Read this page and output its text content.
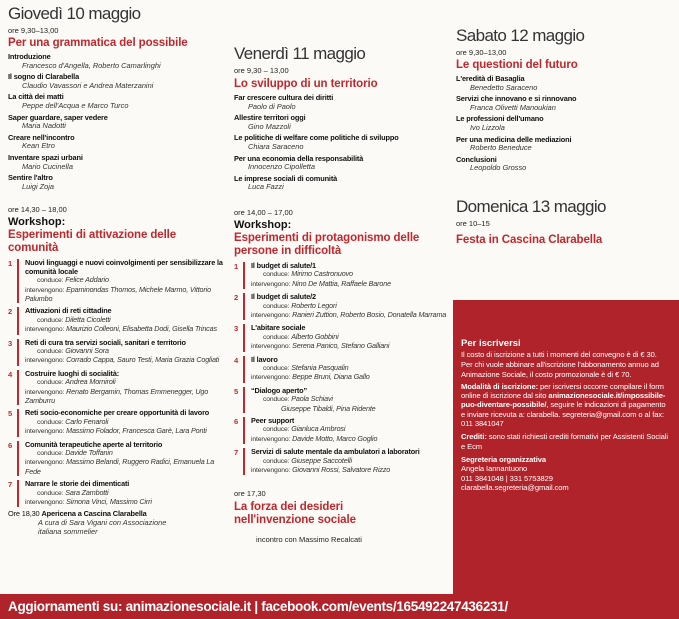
Giovedì 10 maggio
ore 9,30–13,00
Per una grammatica del possibile
Introduzione
Francesco d'Angella, Roberto Camarlinghi
Il sogno di Clarabella
Claudio Vavassori e Andrea Materzanini
La città dei matti
Peppe dell'Acqua e Marco Turco
Saper guardare, saper vedere
Maria Nadotti
Creare nell'incontro
Kean Etro
Inventare spazi urbani
Mario Cucinella
Sentire l'altro
Luigi Zoja
ore 14,30 – 18,00
Workshop:
Esperimenti di attivazione delle comunità
1 Nuovi linguaggi e nuovi coinvolgimenti per sensibilizzare la comunità locale
conduce: Felice Addario
intervengono: Epaminondas Thomos, Michele Marmo, Vittorio Palumbo
2 Attivazioni di reti cittadine
conduce: Diletta Cicoletti
intervengono: Maurizio Colleoni, Elisabetta Dodi, Gisella Trincas
3 Reti di cura tra servizi sociali, sanitari e territorio
conduce: Giovanni Sora
intervengono: Corrado Cappa, Sauro Testi, Maria Grazia Cogliati
4 Costruire luoghi di socialità:
conduce: Andrea Morniroli
intervengono: Renato Bergamin, Thomas Emmenegger, Ugo Zamburru
5 Reti socio-economiche per creare opportunità di lavoro
conduce: Carlo Fenaroli
intervengono: Massimo Folador, Francesca Garè, Lara Ponti
6 Comunità terapeutiche aperte al territorio
conduce: Davide Toffanin
intervengono: Massimo Belandi, Ruggero Radici, Emanuela La Fede
7 Narrare le storie dei dimenticati
conduce: Sara Zambotti
intervengono: Simona Vinci, Massimo Cirri
Ore 18,30 Apericena a Cascina Clarabella
A cura di Sara Vigani con Associazione italiana sommelier
Venerdì 11 maggio
ore 9,30 – 13,00
Lo sviluppo di un territorio
Far crescere cultura dei diritti
Paolo di Paolo
Allestire territori oggi
Gino Mazzoli
Le politiche di welfare come politiche di sviluppo
Chiara Saraceno
Per una economia della responsabilità
Innocenzo Cipolletta
Le imprese sociali di comunità
Luca Fazzi
ore 14,00 – 17,00
Workshop:
Esperimenti di protagonismo delle persone in difficoltà
1 Il budget di salute/1
conduce: Mirimo Castronuovo
intervengono: Nino De Mattia, Raffaele Barone
2 Il budget di salute/2
conduce: Roberto Legori
intervengono: Ranieri Zuttion, Roberto Bosio, Donatella Marrama
3 L'abitare sociale
conduce: Alberto Gobbini
intervengono: Serena Panico, Stefano Galliani
4 Il lavoro
conduce: Stefania Pasqualin
intervengono: Beppe Bruni, Diana Gallo
5 “Dialogo aperto”
conduce: Paola Schiavi
Giuseppe Tibaldi, Pina Ridente
6 Peer support
conduce: Gianluca Ambrosi
intervengono: Davide Motto, Marco Goglio
7 Servizi di salute mentale da ambulatori a laboratori
conduce: Giuseppe Saccotelli
intervengono: Giovanni Rossi, Salvatore Rizzo
ore 17,30
La forza dei desideri nell'invenzione sociale
incontro con Massimo Recalcati
Sabato 12 maggio
ore 9,30–13,00
Le questioni del futuro
L'eredità di Basaglia
Benedetto Saraceno
Servizi che innovano e si rinnovano
Franca Olivetti Manoukian
Le professioni dell'umano
Ivo Lizzola
Per una medicina delle mediazioni
Roberto Beneduce
Conclusioni
Leopoldo Grosso
Domenica 13 maggio
ore 10–15
Festa in Cascina Clarabella
Per iscriversi
Il costo di iscrizione a tutti i momenti del convegno è di € 30.
Per chi vuole abbinare all'iscrizione l'abbonamento annuo ad Animazione Sociale, il costo promozionale è di € 70.
Modalità di iscrizione: per iscriversi occorre compilare il form online di iscrizione dal sito animazionesociale.it/impossibile-puo-diventare-possibile/, seguire le indicazioni di pagamento e inviare ricevuta a: clarabella. segreteria@gmail.com o al fax: 011 3841047
Crediti: sono stati richiesti crediti formativi per Assistenti Sociali e Ecm
Segreteria organizzativa
Angela Iannantuono
011 3841048 | 331 5753829
clarabella.segreteria@gmail.com
Aggiornamenti su: animazionesociale.it | facebook.com/events/165492247436231/
